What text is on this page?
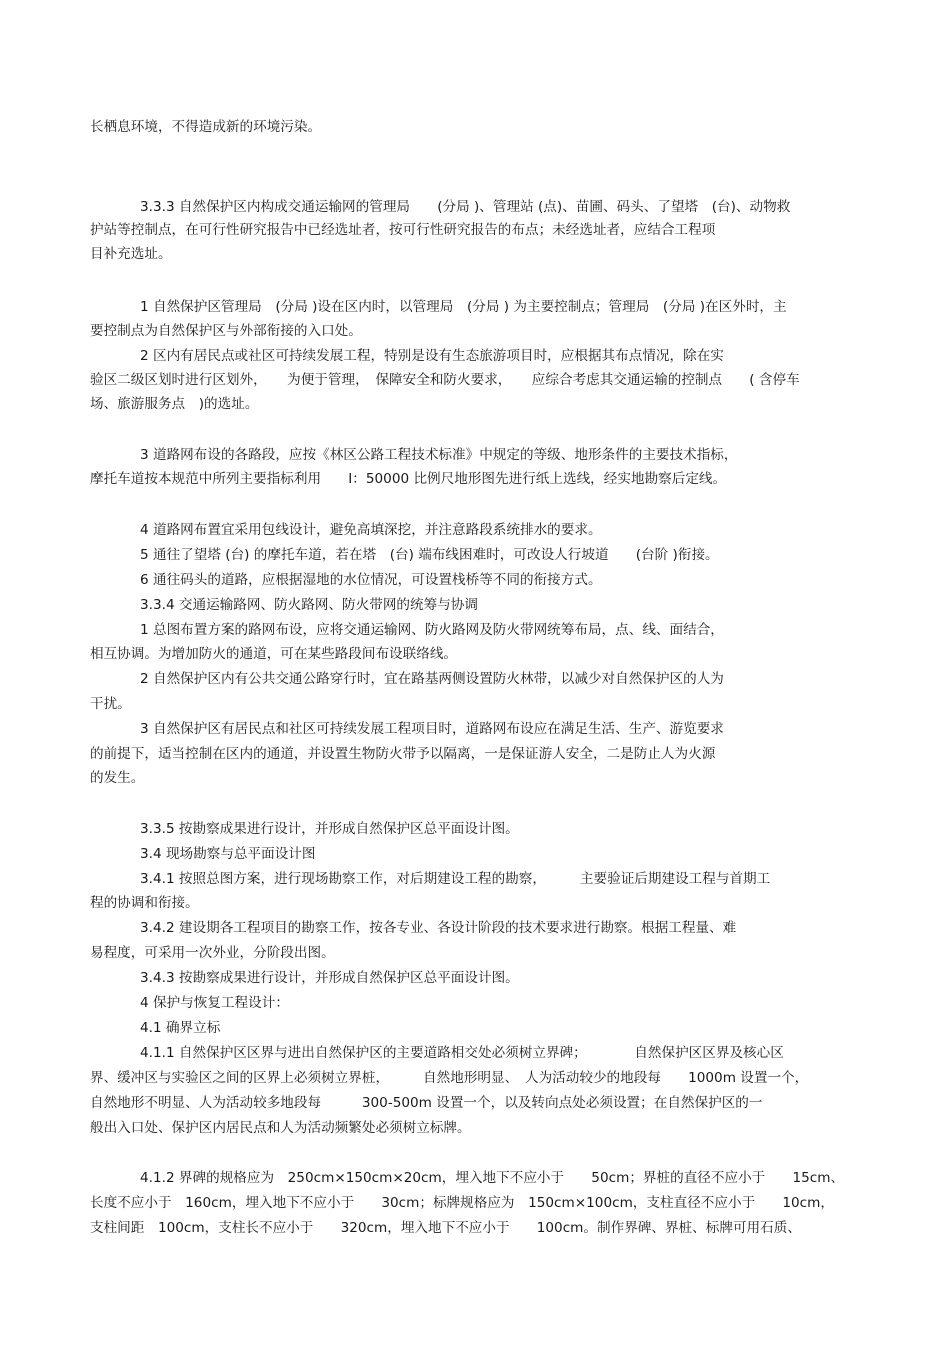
长栖息环境，不得造成新的环境污染。
3.3.3 自然保护区内构成交通运输网的管理局　　(分局 )、管理站 (点)、苗圃、码头、了望塔　(台)、动物救
护站等控制点，在可行性研究报告中已经选址者，按可行性研究报告的布点；未经选址者，应结合工程项
目补充选址。
1 自然保护区管理局　(分局 )设在区内时，以管理局　(分局 ) 为主要控制点；管理局　(分局 )在区外时，主
要控制点为自然保护区与外部衔接的入口处。
2 区内有居民点或社区可持续发展工程，特别是设有生态旅游项目时，应根据其布点情况，除在实
验区二级区划时进行区划外，　　为便于管理，　保障安全和防火要求，　　应综合考虑其交通运输的控制点　　( 含停车
场、旅游服务点　)的选址。
3 道路网布设的各路段，应按《林区公路工程技术标准》中规定的等级、地形条件的主要技术指标，
摩托车道按本规范中所列主要指标利用　　I：50000 比例尺地形图先进行纸上选线，经实地勘察后定线。
4 道路网布置宜采用包线设计，避免高填深挖，并注意路段系统排水的要求。
5 通往了望塔 (台) 的摩托车道，若在塔　(台) 端布线困难时，可改设人行坡道　　(台阶 )衔接。
6 通往码头的道路，应根据湿地的水位情况，可设置栈桥等不同的衔接方式。
3.3.4 交通运输路网、防火路网、防火带网的统筹与协调
1 总图布置方案的路网布设，应将交通运输网、防火路网及防火带网统筹布局，点、线、面结合，
相互协调。为增加防火的通道，可在某些路段间布设联络线。
2 自然保护区内有公共交通公路穿行时，宜在路基两侧设置防火林带，以减少对自然保护区的人为
干扰。
3 自然保护区有居民点和社区可持续发展工程项目时，道路网布设应在满足生活、生产、游览要求
的前提下，适当控制在区内的通道，并设置生物防火带予以隔离，一是保证游人安全，二是防止人为火源
的发生。
3.3.5 按勘察成果进行设计，并形成自然保护区总平面设计图。
3.4 现场勘察与总平面设计图
3.4.1 按照总图方案，进行现场勘察工作，对后期建设工程的勘察，　　　主要验证后期建设工程与首期工
程的协调和衔接。
3.4.2 建设期各工程项目的勘察工作，按各专业、各设计阶段的技术要求进行勘察。根据工程量、难
易程度，可采用一次外业，分阶段出图。
3.4.3 按勘察成果进行设计，并形成自然保护区总平面设计图。
4 保护与恢复工程设计：
4.1 确界立标
4.1.1 自然保护区区界与进出自然保护区的主要道路相交处必须树立界碑；　　　　自然保护区区界及核心区
界、缓冲区与实验区之间的区界上必须树立界桩，　　　自然地形明显、　人为活动较少的地段每　　1000m 设置一个，
自然地形不明显、人为活动较多地段每　　　300-500m 设置一个，以及转向点处必须设置；在自然保护区的一
般出入口处、保护区内居民点和人为活动频繁处必须树立标牌。
4.1.2 界碑的规格应为　250cm×150cm×20cm，埋入地下不应小于　　50cm；界桩的直径不应小于　　15cm、
长度不应小于　160cm，埋入地下不应小于　　30cm；标牌规格应为　150cm×100cm，支柱直径不应小于　　10cm，
支柱间距　100cm，支柱长不应小于　　320cm，埋入地下不应小于　　100cm。制作界碑、界桩、标牌可用石质、
